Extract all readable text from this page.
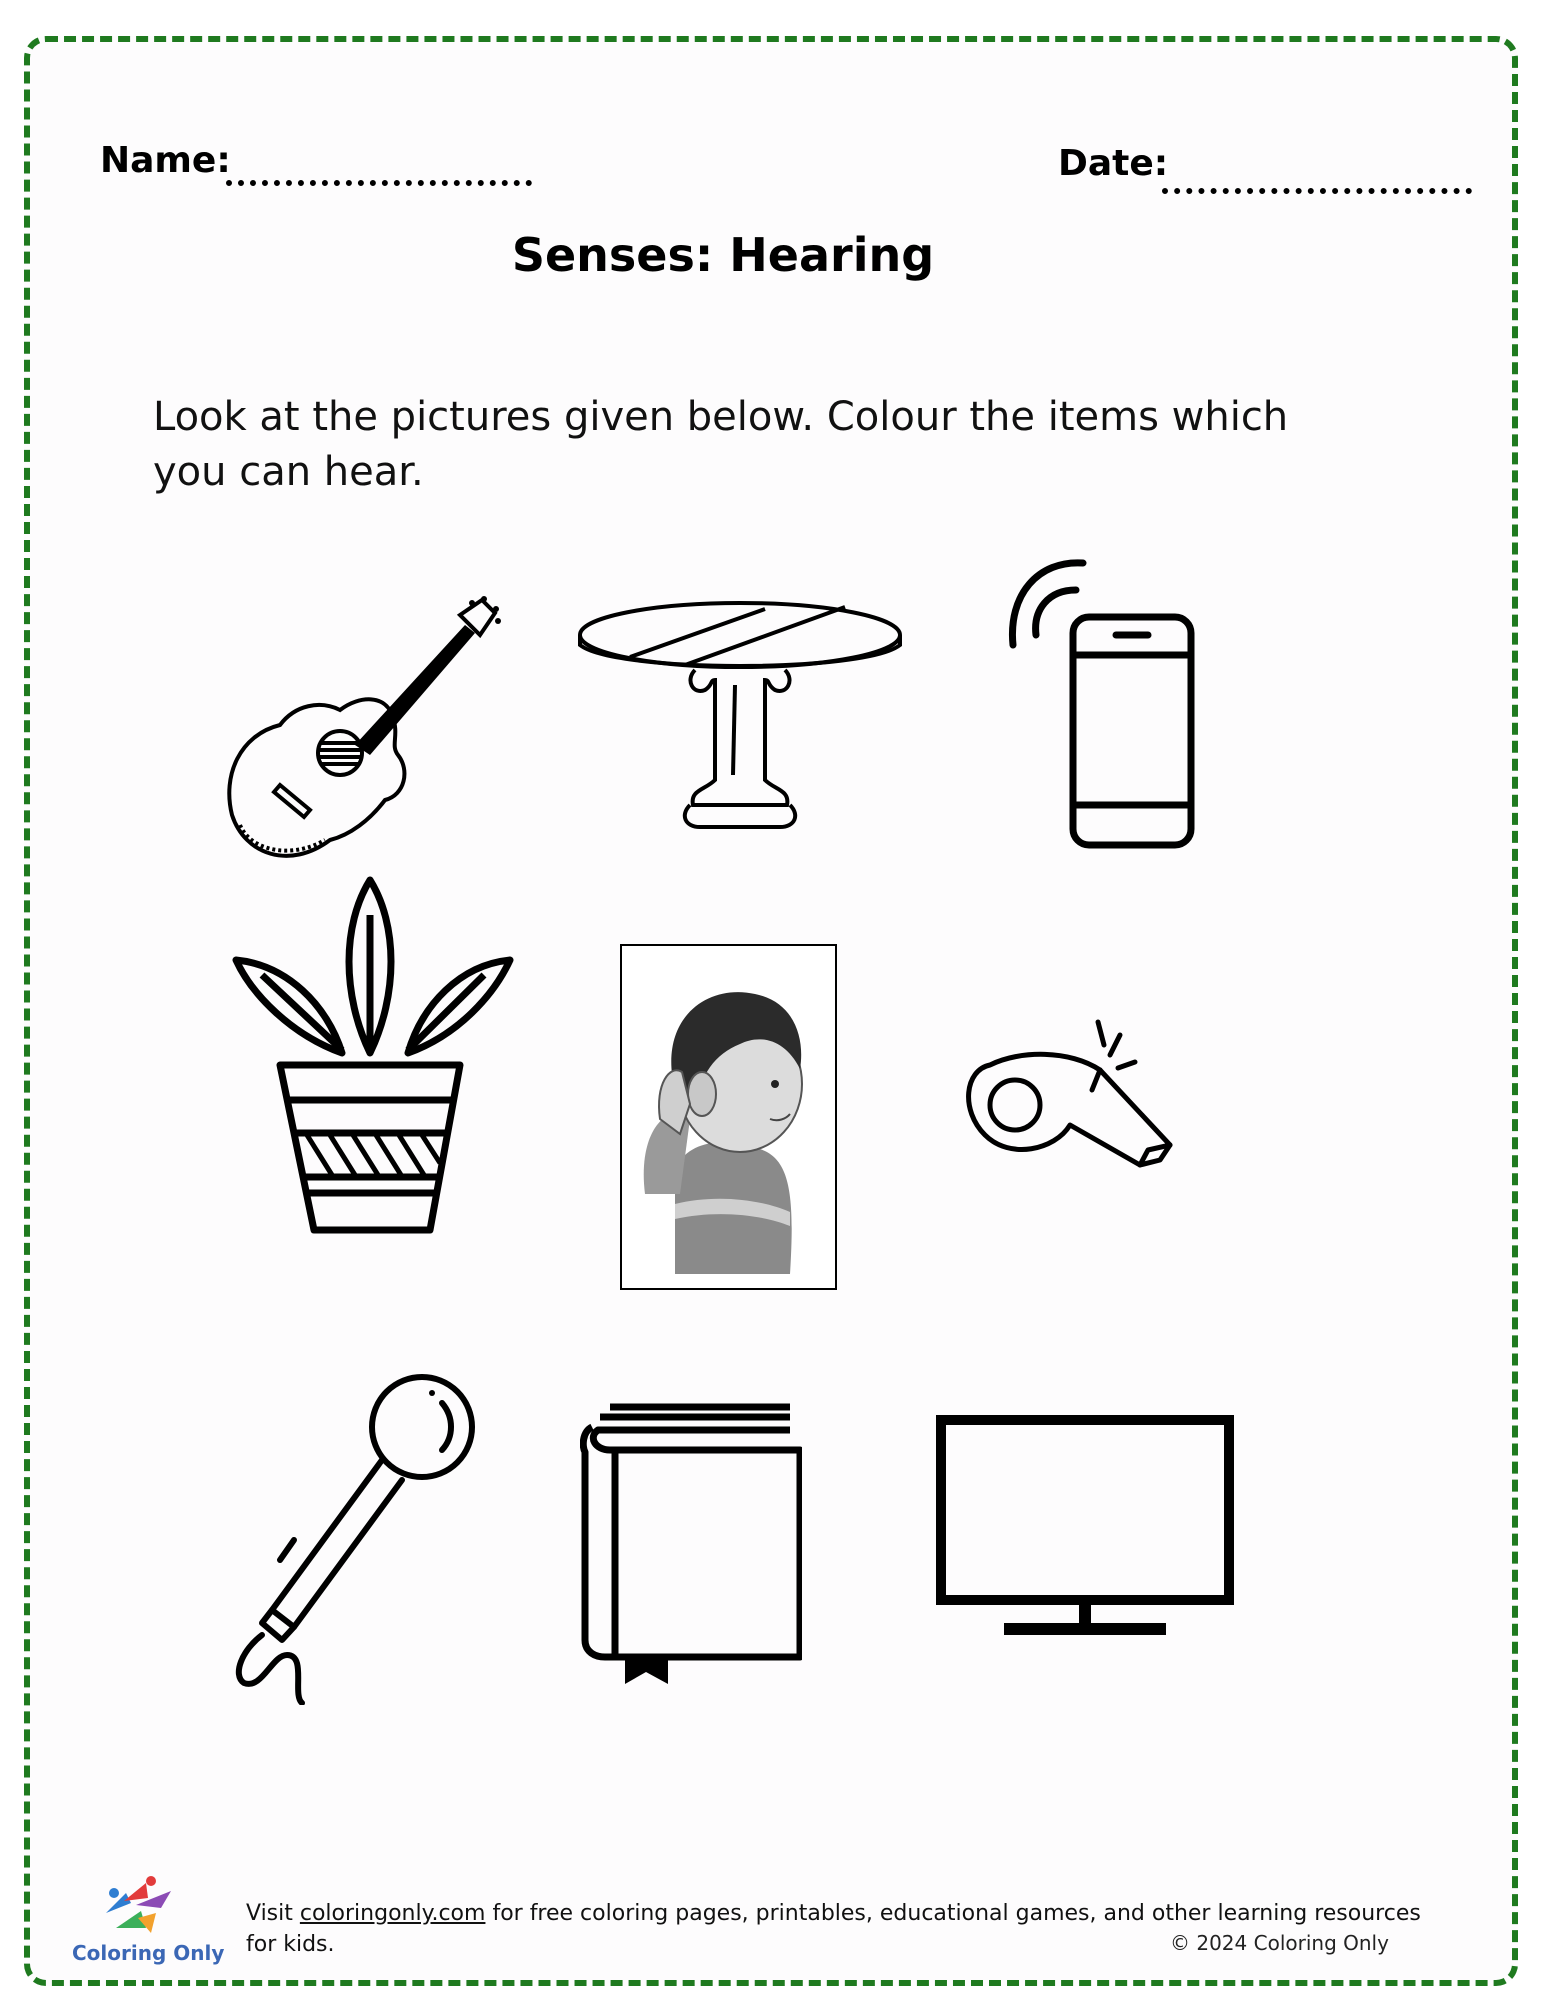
Name:	Date:
Senses: Hearing
Look at the pictures given below. Colour the items which you can hear.
Coloring Only
Visit coloringonly.com for free coloring pages, printables, educational games, and other learning resources for kids.	© 2024 Coloring Only
